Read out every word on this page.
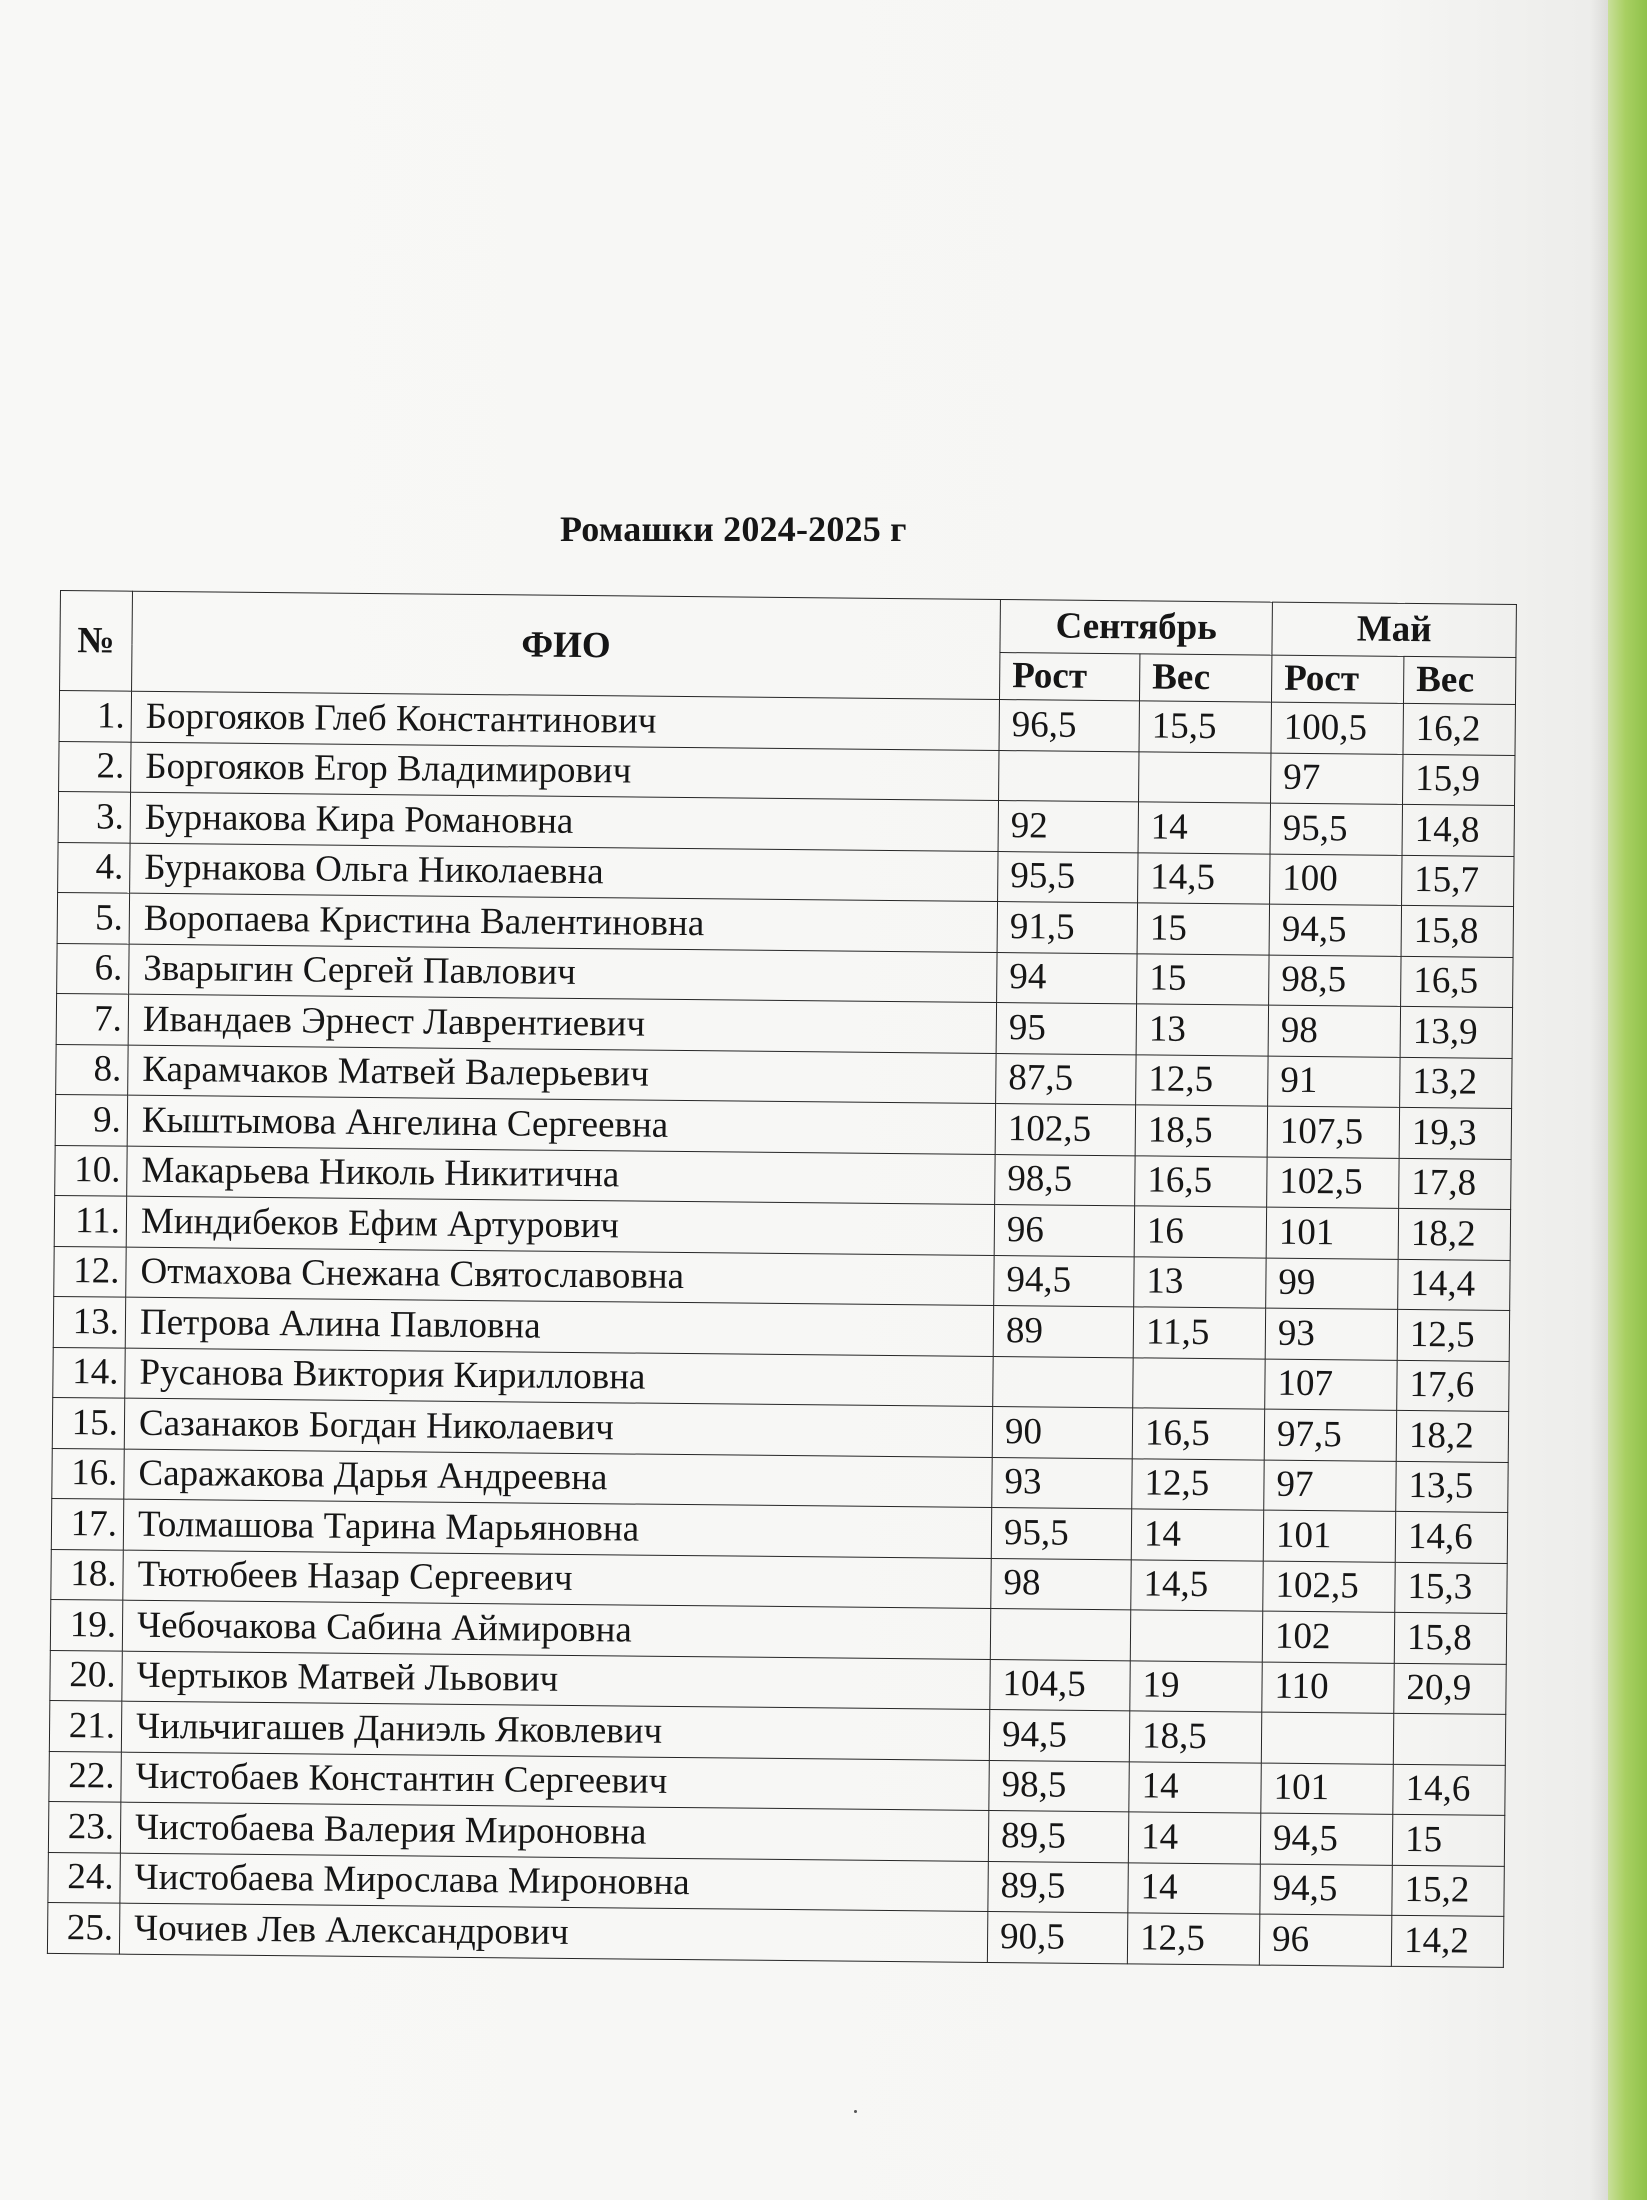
Ромашки 2024-2025 г
№	ФИО	Сентябрь		Май	
		Рост	Вес	Рост	Вес
1.	Боргояков Глеб Константинович	96,5	15,5	100,5	16,2
2.	Боргояков Егор Владимирович			97	15,9
3.	Бурнакова Кира Романовна	92	14	95,5	14,8
4.	Бурнакова Ольга Николаевна	95,5	14,5	100	15,7
5.	Воропаева Кристина Валентиновна	91,5	15	94,5	15,8
6.	Зварыгин Сергей Павлович	94	15	98,5	16,5
7.	Ивандаев Эрнест Лаврентиевич	95	13	98	13,9
8.	Карамчаков Матвей Валерьевич	87,5	12,5	91	13,2
9.	Кыштымова Ангелина Сергеевна	102,5	18,5	107,5	19,3
10.	Макарьева Николь Никитична	98,5	16,5	102,5	17,8
11.	Миндибеков Ефим Артурович	96	16	101	18,2
12.	Отмахова Снежана Святославовна	94,5	13	99	14,4
13.	Петрова Алина Павловна	89	11,5	93	12,5
14.	Русанова Виктория Кирилловна			107	17,6
15.	Сазанаков Богдан Николаевич	90	16,5	97,5	18,2
16.	Саражакова Дарья Андреевна	93	12,5	97	13,5
17.	Толмашова Тарина Марьяновна	95,5	14	101	14,6
18.	Тютюбеев Назар Сергеевич	98	14,5	102,5	15,3
19.	Чебочакова Сабина Аймировна			102	15,8
20.	Чертыков Матвей Львович	104,5	19	110	20,9
21.	Чильчигашев Даниэль Яковлевич	94,5	18,5		
22.	Чистобаев Константин Сергеевич	98,5	14	101	14,6
23.	Чистобаева Валерия Мироновна	89,5	14	94,5	15
24.	Чистобаева Мирослава Мироновна	89,5	14	94,5	15,2
25.	Чочиев Лев Александрович	90,5	12,5	96	14,2
